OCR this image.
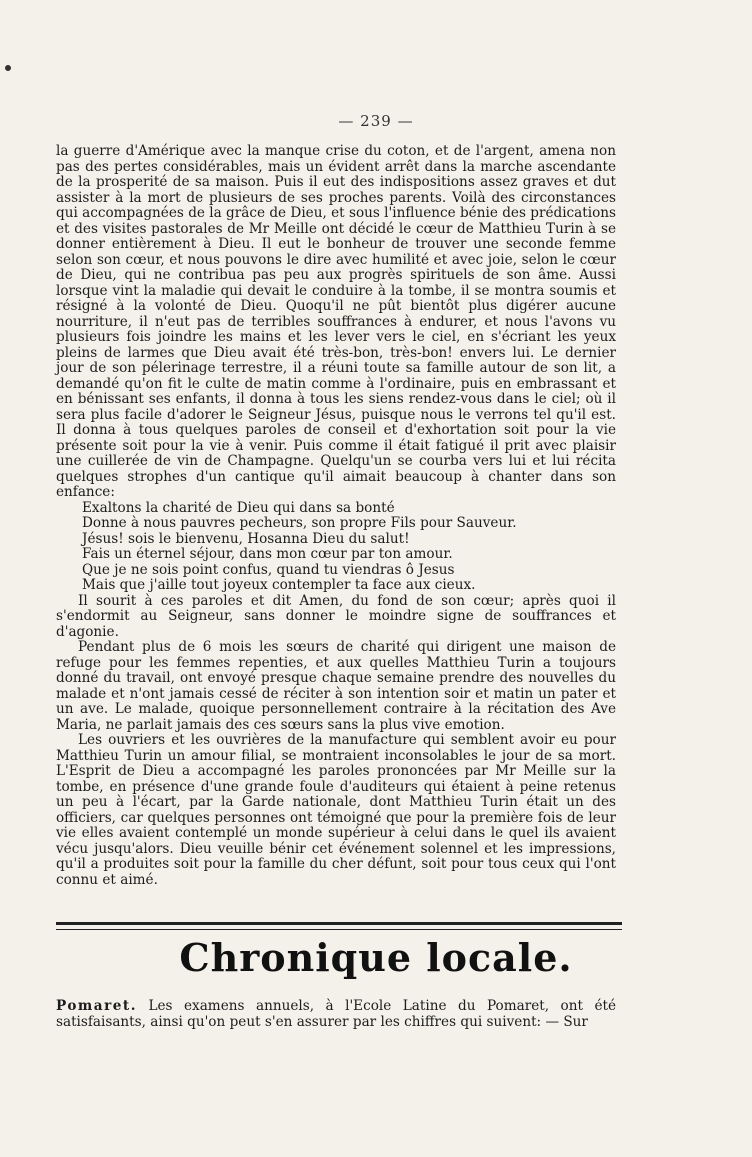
— 239 —

la guerre d'Amérique avec la manque crise du coton, et de l'argent, amena non pas des pertes considérables, mais un évident arrêt dans la marche ascendante de la prosperité de sa maison. Puis il eut des indispositions assez graves et dut assister à la mort de plusieurs de ses proches parents. Voilà des circonstances qui accompagnées de la grâce de Dieu, et sous l'influence bénie des prédications et des visites pastorales de Mr Meille ont décidé le cœur de Matthieu Turin à se donner entièrement à Dieu. Il eut le bonheur de trouver une seconde femme selon son cœur, et nous pouvons le dire avec humilité et avec joie, selon le cœur de Dieu, qui ne contribua pas peu aux progrès spirituels de son âme. Aussi lorsque vint la maladie qui devait le conduire à la tombe, il se montra soumis et résigné à la volonté de Dieu. Quoqu'il ne pût bientôt plus digérer aucune nourriture, il n'eut pas de terribles souffrances à endurer, et nous l'avons vu plusieurs fois joindre les mains et les lever vers le ciel, en s'écriant les yeux pleins de larmes que Dieu avait été très-bon, très-bon! envers lui. Le dernier jour de son pélerinage terrestre, il a réuni toute sa famille autour de son lit, a demandé qu'on fit le culte de matin comme à l'ordinaire, puis en embrassant et en bénissant ses enfants, il donna à tous les siens rendez-vous dans le ciel; où il sera plus facile d'adorer le Seigneur Jésus, puisque nous le verrons tel qu'il est. Il donna à tous quelques paroles de conseil et d'exhortation soit pour la vie présente soit pour la vie à venir. Puis comme il était fatigué il prit avec plaisir une cuillerée de vin de Champagne. Quelqu'un se courba vers lui et lui récita quelques strophes d'un cantique qu'il aimait beaucoup à chanter dans son enfance:

Exaltons la charité de Dieu qui dans sa bonté
Donne à nous pauvres pecheurs, son propre Fils pour Sauveur.
Jésus! sois le bienvenu, Hosanna Dieu du salut!
Fais un éternel séjour, dans mon cœur par ton amour.
Que je ne sois point confus, quand tu viendras ô Jesus
Mais que j'aille tout joyeux contempler ta face aux cieux.

Il sourit à ces paroles et dit Amen, du fond de son cœur; après quoi il s'endormit au Seigneur, sans donner le moindre signe de souffrances et d'agonie.

Pendant plus de 6 mois les sœurs de charité qui dirigent une maison de refuge pour les femmes repenties, et aux quelles Matthieu Turin a toujours donné du travail, ont envoyé presque chaque semaine prendre des nouvelles du malade et n'ont jamais cessé de réciter à son intention soir et matin un pater et un ave. Le malade, quoique personnellement contraire à la récitation des Ave Maria, ne parlait jamais des ces sœurs sans la plus vive emotion.

Les ouvriers et les ouvrières de la manufacture qui semblent avoir eu pour Matthieu Turin un amour filial, se montraient inconsolables le jour de sa mort. L'Esprit de Dieu a accompagné les paroles prononcées par Mr Meille sur la tombe, en présence d'une grande foule d'auditeurs qui étaient à peine retenus un peu à l'écart, par la Garde nationale, dont Matthieu Turin était un des officiers, car quelques personnes ont témoigné que pour la première fois de leur vie elles avaient contemplé un monde supérieur à celui dans le quel ils avaient vécu jusqu'alors. Dieu veuille bénir cet événement solennel et les impressions, qu'il a produites soit pour la famille du cher défunt, soit pour tous ceux qui l'ont connu et aimé.

Chronique locale.
Pomaret. Les examens annuels, à l'Ecole Latine du Pomaret, ont été satisfaisants, ainsi qu'on peut s'en assurer par les chiffres qui suivent: — Sur
